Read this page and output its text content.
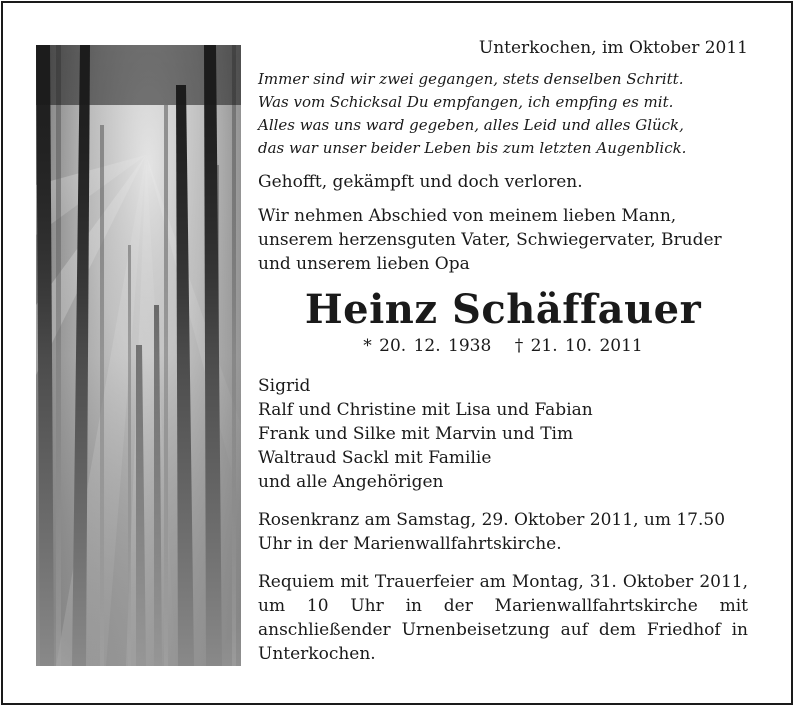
Unterkochen, im Oktober 2011
Immer sind wir zwei gegangen, stets denselben Schritt.
Was vom Schicksal Du empfangen, ich empfing es mit.
Alles was uns ward gegeben, alles Leid und alles Glück,
das war unser beider Leben bis zum letzten Augenblick.
Gehofft, gekämpft und doch verloren.
Wir nehmen Abschied von meinem lieben Mann, unserem herzensguten Vater, Schwiegervater, Bruder und unserem lieben Opa
Heinz Schäffauer
* 20. 12. 1938 † 21. 10. 2011
Sigrid
Ralf und Christine mit Lisa und Fabian
Frank und Silke mit Marvin und Tim
Waltraud Sackl mit Familie
und alle Angehörigen
Rosenkranz am Samstag, 29. Oktober 2011, um 17.50 Uhr in der Marienwallfahrtskirche.
Requiem mit Trauerfeier am Montag, 31. Oktober 2011, um 10 Uhr in der Marienwallfahrtskirche mit anschließender Urnenbeisetzung auf dem Friedhof in Unterkochen.
